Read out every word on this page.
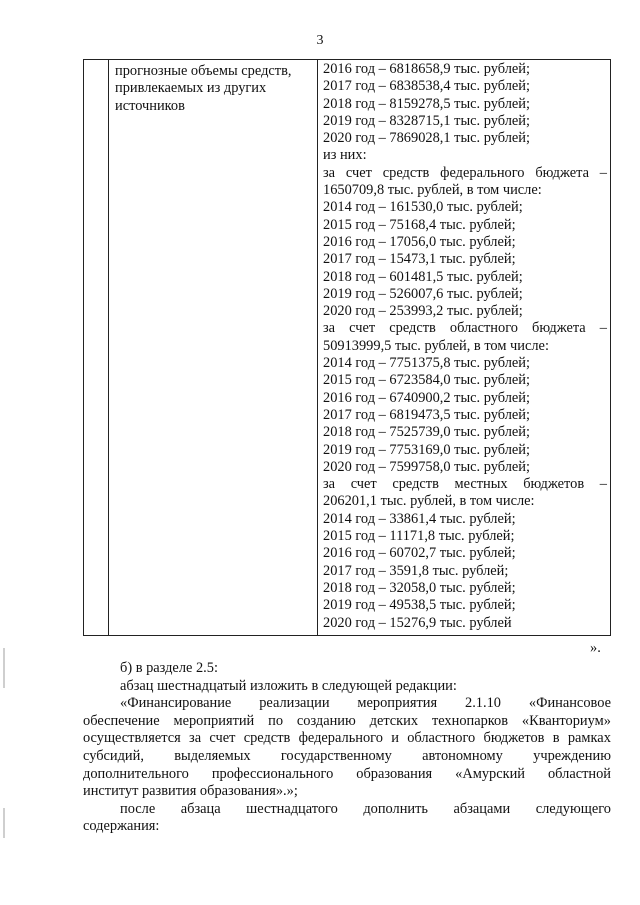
3
прогнозные объемы средств, привлекаемых из других источников
2016 год – 6818658,9 тыс. рублей;
2017 год – 6838538,4 тыс. рублей;
2018 год – 8159278,5 тыс. рублей;
2019 год – 8328715,1 тыс. рублей;
2020 год – 7869028,1 тыс. рублей;
из них:
за счет средств федерального бюджета –
1650709,8 тыс. рублей, в том числе:
2014 год – 161530,0 тыс. рублей;
2015 год – 75168,4 тыс. рублей;
2016 год – 17056,0 тыс. рублей;
2017 год – 15473,1 тыс. рублей;
2018 год – 601481,5 тыс. рублей;
2019 год – 526007,6 тыс. рублей;
2020 год – 253993,2 тыс. рублей;
за счет средств областного бюджета –
50913999,5 тыс. рублей, в том числе:
2014 год – 7751375,8 тыс. рублей;
2015 год – 6723584,0 тыс. рублей;
2016 год – 6740900,2 тыс. рублей;
2017 год – 6819473,5 тыс. рублей;
2018 год – 7525739,0 тыс. рублей;
2019 год – 7753169,0 тыс. рублей;
2020 год – 7599758,0 тыс. рублей;
за счет средств местных бюджетов –
206201,1 тыс. рублей, в том числе:
2014 год – 33861,4 тыс. рублей;
2015 год – 11171,8 тыс. рублей;
2016 год – 60702,7 тыс. рублей;
2017 год – 3591,8 тыс. рублей;
2018 год – 32058,0 тыс. рублей;
2019 год – 49538,5 тыс. рублей;
2020 год – 15276,9 тыс. рублей
».

б) в разделе 2.5:

абзац шестнадцатый изложить в следующей редакции:

«Финансирование реализации мероприятия 2.1.10 «Финансовое
обеспечение мероприятий по созданию детских технопарков «Кванториум»
осуществляется за счет средств федерального и областного бюджетов в рамках
субсидий, выделяемых государственному автономному учреждению
дополнительного профессионального образования «Амурский областной
институт развития образования».»;
после абзаца шестнадцатого дополнить абзацами следующего
содержания:
